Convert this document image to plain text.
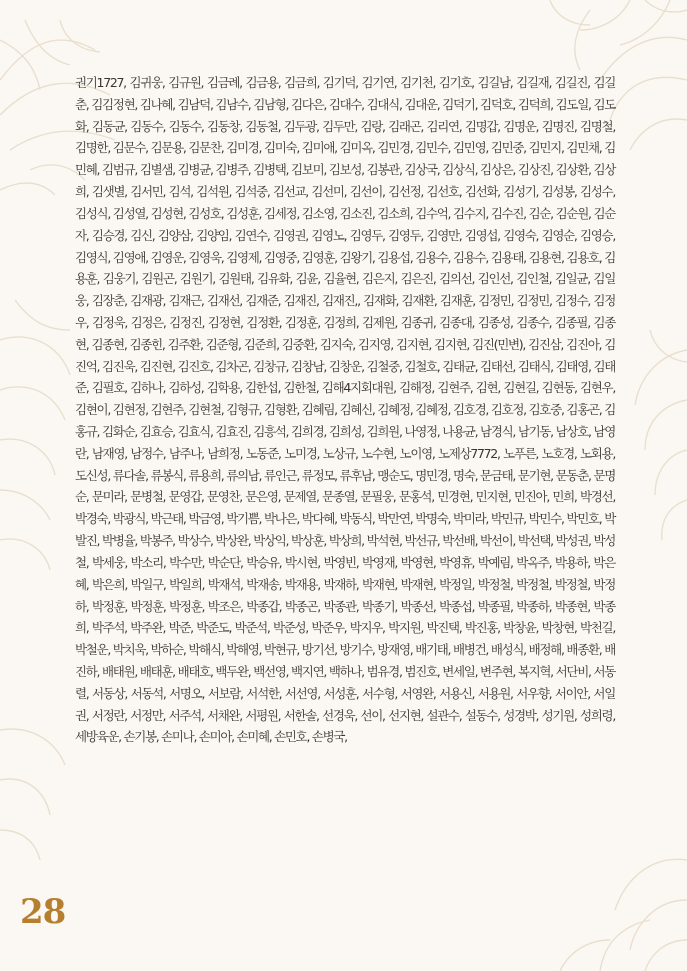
권기1727, 김귀웅, 김규원, 김금례, 김금용, 김금희, 김기덕, 김기연, 김기천, 김기호, 김길남, 김길재, 김길진, 김길춘, 김김정현, 김나혜, 김남덕, 김남수, 김남형, 김다은, 김대수, 김대식, 김대운, 김덕기, 김덕호, 김덕희, 김도일, 김도화, 김동균, 김동수, 김동수, 김동창, 김동철, 김두광, 김두만, 김랑, 김래곤, 김리연, 김명갑, 김명운, 김명진, 김명철, 김명한, 김문수, 김문용, 김문찬, 김미경, 김미숙, 김미애, 김미옥, 김민경, 김민수, 김민영, 김민중, 김민지, 김민채, 김민혜, 김범규, 김별샘, 김병균, 김병주, 김병택, 김보미, 김보성, 김봉관, 김상국, 김상식, 김상은, 김상진, 김상환, 김상희, 김샛별, 김서민, 김석, 김석원, 김석중, 김선교, 김선미, 김선이, 김선정, 김선호, 김선화, 김성기, 김성봉, 김성수, 김성식, 김성열, 김성현, 김성호, 김성훈, 김세정, 김소영, 김소진, 김소희, 김수억, 김수지, 김수진, 김순, 김순원, 김순자, 김승경, 김신, 김양삼, 김양임, 김연수, 김영권, 김영노, 김영두, 김영두, 김영만, 김영섭, 김영숙, 김영순, 김영승, 김영식, 김영애, 김영운, 김영욱, 김영제, 김영중, 김영훈, 김왕기, 김용섭, 김용수, 김용수, 김용태, 김용현, 김용호, 김용훈, 김웅기, 김원곤, 김원기, 김원태, 김유화, 김윤, 김율현, 김은지, 김은진, 김의선, 김인선, 김인철, 김일균, 김일웅, 김장춘, 김재광, 김재근, 김재선, 김재준, 김재진, 김재진,, 김재화, 김재환, 김재훈, 김정민, 김정민, 김정수, 김정우, 김정욱, 김정은, 김정진, 김정현, 김정환, 김정훈, 김정희, 김제원, 김종귀, 김종대, 김종성, 김종수, 김종필, 김종현, 김종현, 김종힌, 김주환, 김준형, 김준희, 김중환, 김지숙, 김지영, 김지현, 김지현, 김진(민변), 김진삼, 김진아, 김진억, 김진욱, 김진현, 김진호, 김차곤, 김창규, 김창남, 김창운, 김철중, 김철호, 김태균, 김태선, 김태식, 김태영, 김태준, 김필호, 김하나, 김하성, 김학용, 김한섭, 김한철, 김해4지회대원, 김해정, 김현주, 김현, 김현길, 김현동, 김현우, 김현이, 김현정, 김현주, 김현철, 김형규, 김형환, 김혜림, 김혜신, 김혜정, 김혜정, 김호경, 김호정, 김호중, 김홍곤, 김홍규, 김화순, 김효승, 김효식, 김효진, 김흥석, 김희경, 김희성, 김희원, 나영정, 나용균, 남경식, 남기동, 남상호, 남영란, 남재영, 남정수, 남주나, 남희정, 노동준, 노미경, 노상규, 노수현, 노이영, 노제상7772, 노푸른, 노호경, 노회용, 도신성, 류다솔, 류봉식, 류용희, 류의남, 류인근, 류정모, 류후남, 맹순도, 명민경, 명숙, 문금태, 문기현, 문동춘, 문명순, 문미라, 문병철, 문영갑, 문영찬, 문은영, 문제열, 문종열, 문필웅, 문홍석, 민경현, 민지현, 민진아, 민희, 박경선, 박경숙, 박광식, 박근태, 박금영, 박기쁨, 박나은, 박다혜, 박동식, 박만연, 박명숙, 박미라, 박민규, 박민수, 박민호, 박발진, 박병율, 박봉주, 박상수, 박상완, 박상익, 박상훈, 박상희, 박석현, 박선규, 박선배, 박선이, 박선택, 박성권, 박성철, 박세웅, 박소리, 박수만, 박순단, 박승유, 박시현, 박영빈, 박영재, 박영현, 박영휴, 박예림, 박옥주, 박용하, 박은혜, 박은희, 박일구, 박일희, 박재석, 박재송, 박재용, 박재하, 박재현, 박재현, 박정일, 박정철, 박정철, 박정철, 박정하, 박정훈, 박정훈, 박정훈, 박조은, 박종갑, 박종곤, 박종관, 박종기, 박종선, 박종섭, 박종필, 박종하, 박종현, 박종희, 박주석, 박주완, 박준, 박준도, 박준석, 박준성, 박준우, 박지우, 박지원, 박진택, 박진홍, 박창윤, 박창현, 박천길, 박철운, 박치욱, 박하순, 박해식, 박해영, 박현규, 방기선, 방기수, 방재영, 배기태, 배병건, 배성식, 배정해, 배종환, 배진하, 배태원, 배태훈, 배태호, 백두완, 백선영, 백지연, 백하나, 범유경, 범진호, 변세일, 변주현, 복지혁, 서단비, 서동렬, 서동상, 서동석, 서명오, 서보람, 서석한, 서선영, 서성훈, 서수형, 서영완, 서용신, 서용원, 서우향, 서이안, 서일권, 서정란, 서정만, 서주석, 서채완, 서평원, 서한솔, 선경욱, 선이, 선지현, 설관수, 설동수, 성경박, 성기원, 성희령, 세방육운, 손기봉, 손미나, 손미아, 손미혜, 손민호, 손병국,

28
